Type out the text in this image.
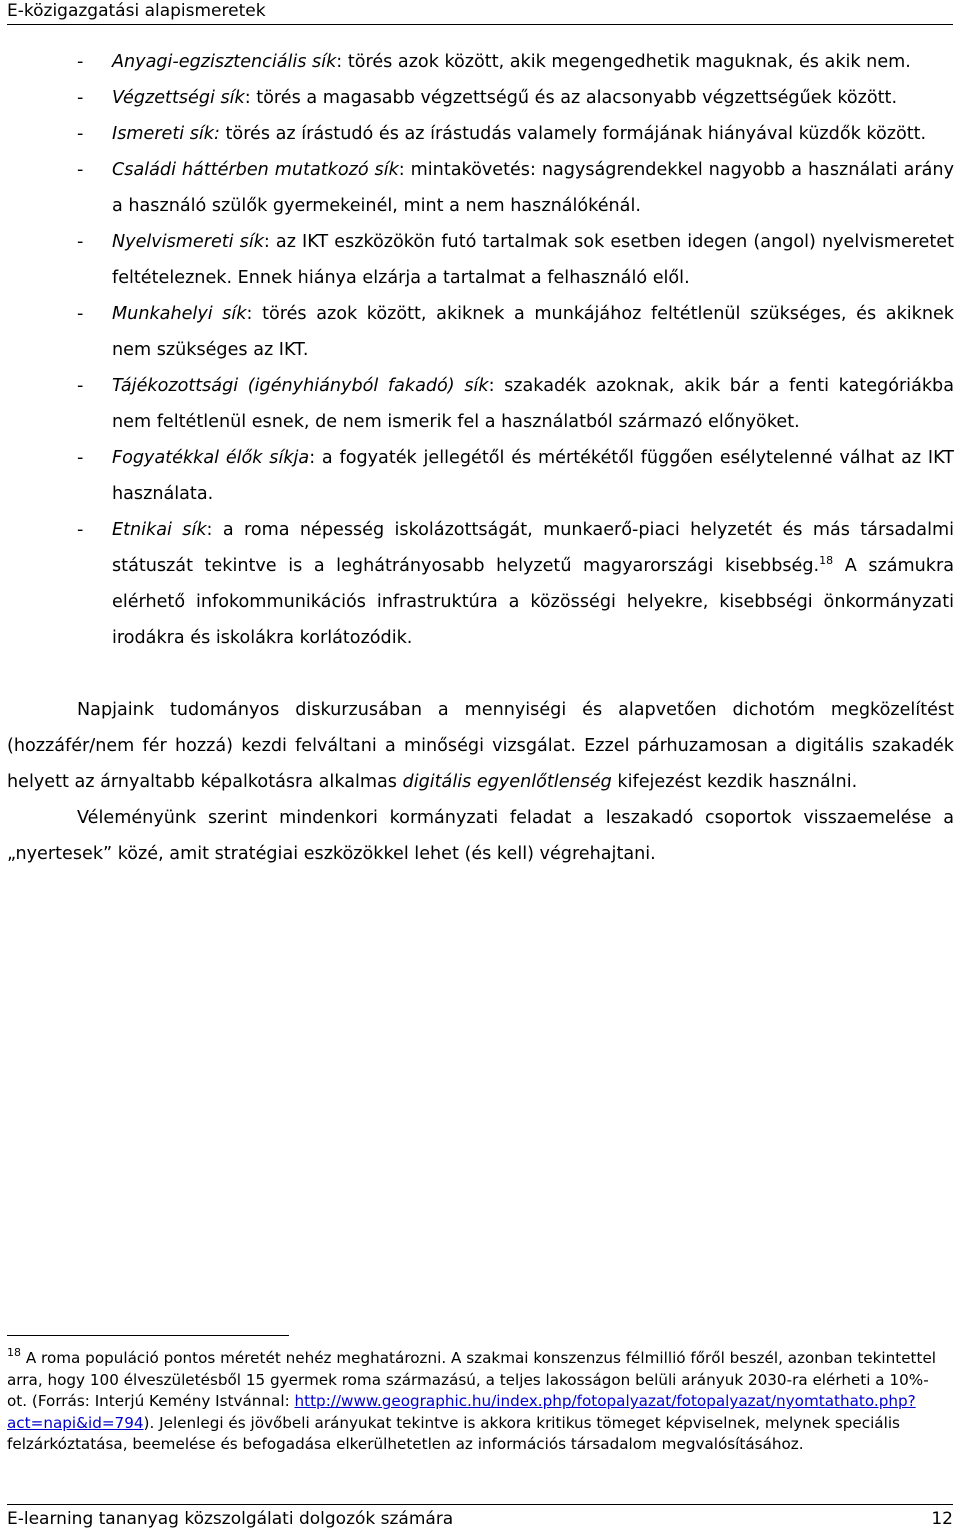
E-közigazgatási alapismeretek
- Anyagi-egzisztenciális sík: törés azok között, akik megengedhetik maguknak, és akik nem.
- Végzettségi sík: törés a magasabb végzettségű és az alacsonyabb végzettségűek között.
- Ismereti sík: törés az írástudó és az írástudás valamely formájának hiányával küzdők között.
- Családi háttérben mutatkozó sík: mintakövetés: nagyságrendekkel nagyobb a használati arány a használó szülők gyermekeinél, mint a nem használókénál.
- Nyelvismereti sík: az IKT eszközökön futó tartalmak sok esetben idegen (angol) nyelvismeretet feltételeznek. Ennek hiánya elzárja a tartalmat a felhasználó elől.
- Munkahelyi sík: törés azok között, akiknek a munkájához feltétlenül szükséges, és akiknek nem szükséges az IKT.
- Tájékozottsági (igényhiányból fakadó) sík: szakadék azoknak, akik bár a fenti kategóriákba nem feltétlenül esnek, de nem ismerik fel a használatból származó előnyöket.
- Fogyatékkal élők síkja: a fogyaték jellegétől és mértékétől függően esélytelenné válhat az IKT használata.
- Etnikai sík: a roma népesség iskolázottságát, munkaerő-piaci helyzetét és más társadalmi státuszát tekintve is a leghátrányosabb helyzetű magyarországi kisebbség.$^{18}$ A számukra elérhető infokommunikációs infrastruktúra a közösségi helyekre, kisebbségi önkormányzati irodákra és iskolákra korlátozódik.

Napjaink tudományos diskurzusában a mennyiségi és alapvetően dichotóm megközelítést (hozzáfér/nem fér hozzá) kezdi felváltani a minőségi vizsgálat. Ezzel párhuzamosan a digitális szakadék helyett az árnyaltabb képalkotásra alkalmas digitális egyenlőtlenség kifejezést kezdik használni.

Véleményünk szerint mindenkori kormányzati feladat a leszakadó csoportok visszaemelése a „nyertesek” közé, amit stratégiai eszközökkel lehet (és kell) végrehajtani.

$^{18}$ A roma populáció pontos méretét nehéz meghatározni. A szakmai konszenzus félmillió főről beszél, azonban tekintettel arra, hogy 100 élveszületésből 15 gyermek roma származású, a teljes lakosságon belüli arányuk 2030-ra elérheti a 10%-ot. (Forrás: Interjú Kemény Istvánnal: http://www.geographic.hu/index.php/fotopalyazat/fotopalyazat/nyomtathato.php?act=napi&id=794). Jelenlegi és jövőbeli arányukat tekintve is akkora kritikus tömeget képviselnek, melynek speciális felzárkóztatása, beemelése és befogadása elkerülhetetlen az információs társadalom megvalósításához.
E-learning tananyag közszolgálati dolgozók számára	12
